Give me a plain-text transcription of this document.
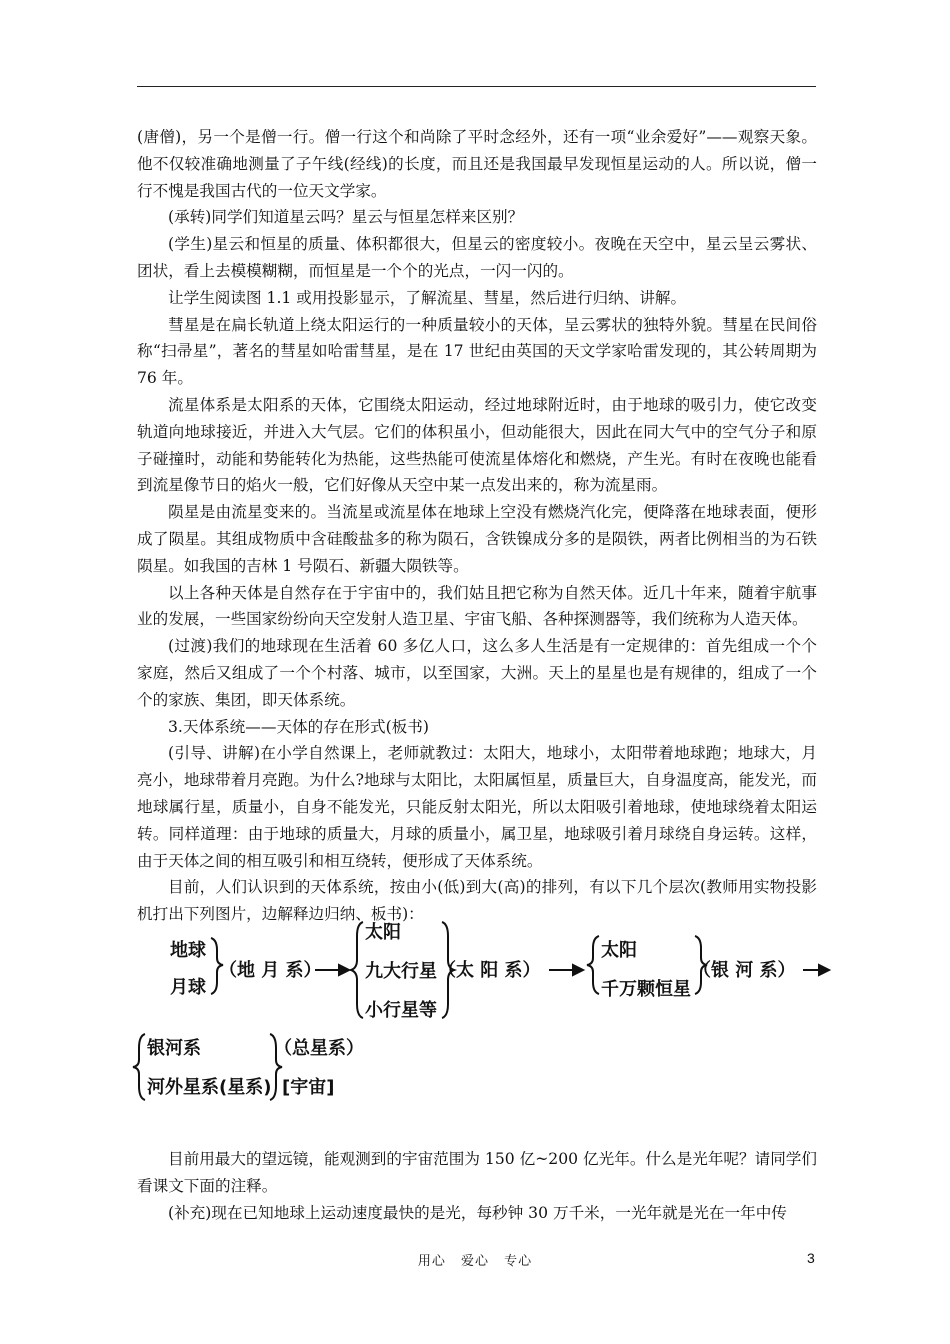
(唐僧)，另一个是僧一行。僧一行这个和尚除了平时念经外，还有一项“业余爱好”——观察天象。他不仅较准确地测量了子午线(经线)的长度，而且还是我国最早发现恒星运动的人。所以说，僧一行不愧是我国古代的一位天文学家。

(承转)同学们知道星云吗？星云与恒星怎样来区别？

(学生)星云和恒星的质量、体积都很大，但星云的密度较小。夜晚在天空中，星云呈云雾状、团状，看上去模模糊糊，而恒星是一个个的光点，一闪一闪的。

让学生阅读图 1.1 或用投影显示，了解流星、彗星，然后进行归纳、讲解。

彗星是在扁长轨道上绕太阳运行的一种质量较小的天体，呈云雾状的独特外貌。彗星在民间俗称“扫帚星”，著名的彗星如哈雷彗星，是在 17 世纪由英国的天文学家哈雷发现的，其公转周期为 76 年。

流星体系是太阳系的天体，它围绕太阳运动，经过地球附近时，由于地球的吸引力，使它改变轨道向地球接近，并进入大气层。它们的体积虽小，但动能很大，因此在同大气中的空气分子和原子碰撞时，动能和势能转化为热能，这些热能可使流星体熔化和燃烧，产生光。有时在夜晚也能看到流星像节日的焰火一般，它们好像从天空中某一点发出来的，称为流星雨。

陨星是由流星变来的。当流星或流星体在地球上空没有燃烧汽化完，便降落在地球表面，便形成了陨星。其组成物质中含硅酸盐多的称为陨石，含铁镍成分多的是陨铁，两者比例相当的为石铁陨星。如我国的吉林 1 号陨石、新疆大陨铁等。

以上各种天体是自然存在于宇宙中的，我们姑且把它称为自然天体。近几十年来，随着宇航事业的发展，一些国家纷纷向天空发射人造卫星、宇宙飞船、各种探测器等，我们统称为人造天体。

(过渡)我们的地球现在生活着 60 多亿人口，这么多人生活是有一定规律的：首先组成一个个家庭，然后又组成了一个个村落、城市，以至国家，大洲。天上的星星也是有规律的，组成了一个个的家族、集团，即天体系统。

3.天体系统——天体的存在形式(板书)

(引导、讲解)在小学自然课上，老师就教过：太阳大，地球小，太阳带着地球跑；地球大，月亮小，地球带着月亮跑。为什么?地球与太阳比，太阳属恒星，质量巨大，自身温度高，能发光，而地球属行星，质量小，自身不能发光，只能反射太阳光，所以太阳吸引着地球，使地球绕着太阳运转。同样道理：由于地球的质量大，月球的质量小，属卫星，地球吸引着月球绕自身运转。这样，由于天体之间的相互吸引和相互绕转，便形成了天体系统。

目前，人们认识到的天体系统，按由小(低)到大(高)的排列，有以下几个层次(教师用实物投影机打出下列图片，边解释边归纳、板书)：

地球
月球
（地 月 系）
太阳
九大行星
小行星等
（太 阳 系）
太阳
千万颗恒星
（银 河 系）
银河系
河外星系(星系)
（总星系）
[宇宙]

目前用最大的望远镜，能观测到的宇宙范围为 150 亿~200 亿光年。什么是光年呢？请同学们看课文下面的注释。

(补充)现在已知地球上运动速度最快的是光，每秒钟 30 万千米，一光年就是光在一年中传

用心 爱心 专心	3
